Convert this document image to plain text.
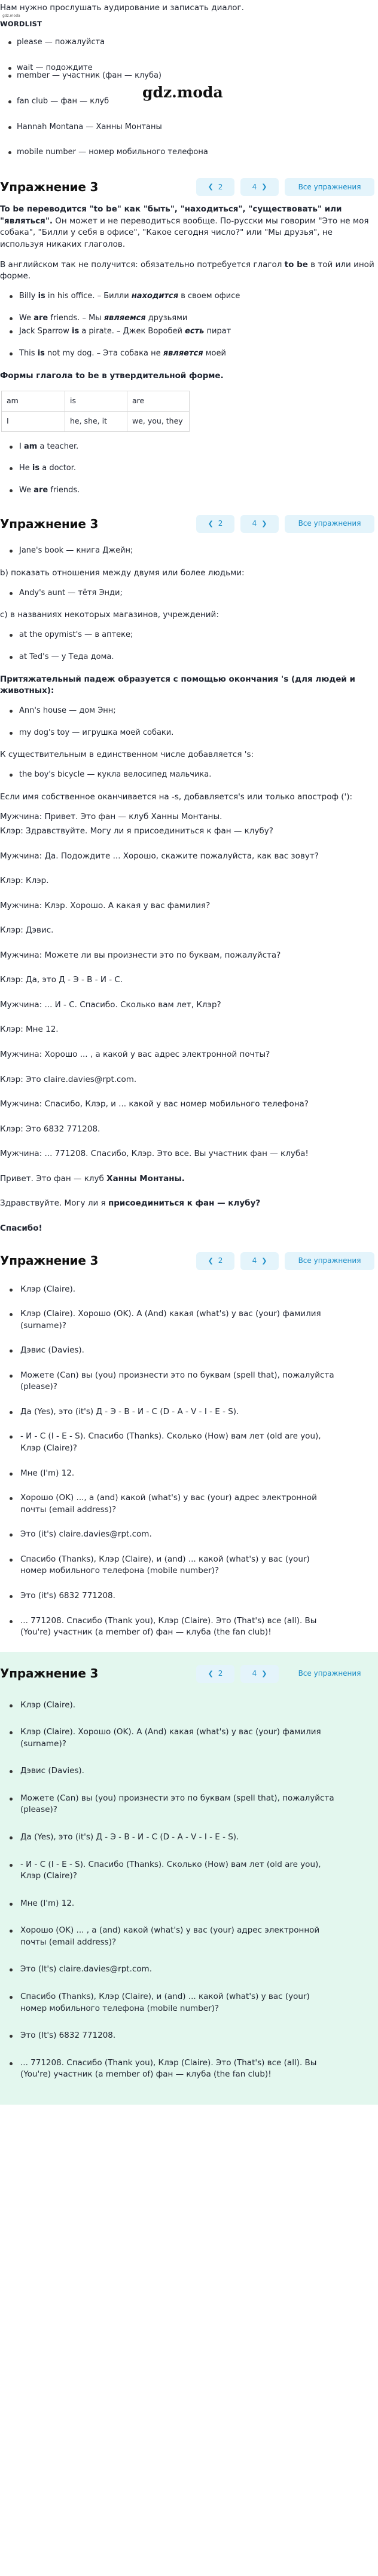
Нам нужно прослушать аудирование и записать диалог.
gdz.moda
WORDLIST
please — пожалуйста
wait — подождите
member — участник (фан — клуба)
fan club — фан — клуб
Hannah Montana — Ханны Монтаны
mobile number — номер мобильного телефона
gdz.moda
Упражнение 3	❮ 2	4 ❯	Все упражнения
To be переводится "to be" как "быть", "находиться", "существовать" или "являться". Он может и не переводиться вообще. По-русски мы говорим "Это не моя собака", "Билли у себя в офисе", "Какое сегодня число?" или "Мы друзья", не используя никаких глаголов.
В английском так не получится: обязательно потребуется глагол to be в той или иной форме.
Billy is in his office. – Билли находится в своем офисе
We are friends. – Мы являемся друзьями
Jack Sparrow is a pirate. – Джек Воробей есть пират
This is not my dog. – Эта собака не является моей
Формы глагола to be в утвердительной форме.
am	is	are
I	he, she, it	we, you, they
I am a teacher.
He is a doctor.
We are friends.
Упражнение 3	❮ 2	4 ❯	Все упражнения
Jane's book — книга Джейн;
b) показать отношения между двумя или более людьми:
Andy's aunt — тётя Энди;
c) в названиях некоторых магазинов, учреждений:
at the opymist's — в аптеке;
at Ted's — у Теда дома.
Притяжательный падеж образуется с помощью окончания 's (для людей и животных):
Ann's house — дом Энн;
my dog's toy — игрушка моей собаки.
К существительным в единственном числе добавляется 's:
the boy's bicycle — кукла велосипед мальчика.
Если имя собственное оканчивается на -s, добавляется's или только апостроф ('):

Мужчина: Привет. Это фан — клуб Ханны Монтаны.

Клэр: Здравствуйте. Могу ли я присоединиться к фан — клубу?

Мужчина: Да. Подождите ... Хорошо, скажите пожалуйста, как вас зовут?

Клэр: Клэр.

Мужчина: Клэр. Хорошо. А какая у вас фамилия?

Клэр: Дэвис.

Мужчина: Можете ли вы произнести это по буквам, пожалуйста?

Клэр: Да, это Д - Э - В - И - С.

Мужчина: ... И - С. Спасибо. Сколько вам лет, Клэр?

Клэр: Мне 12.

Мужчина: Хорошо ... , а какой у вас адрес электронной почты?

Клэр: Это claire.davies@rpt.com.

Мужчина: Спасибо, Клэр, и ... какой у вас номер мобильного телефона?

Клэр: Это 6832 771208.

Мужчина: ... 771208. Спасибо, Клэр. Это все. Вы участник фан — клуба!

Привет. Это фан — клуб Ханны Монтаны.

Здравствуйте. Могу ли я присоединиться к фан — клубу?

Спасибо!

Упражнение 3	❮ 2	4 ❯	Все упражнения
Клэр (Claire).
Клэр (Claire). Хорошо (OK). А (And) какая (what's) у вас (your) фамилия (surname)?
Дэвис (Davies).
Можете (Can) вы (you) произнести это по буквам (spell that), пожалуйста (please)?
Да (Yes), это (it's) Д - Э - В - И - С (D - A - V - I - E - S).
- И - С (I - E - S). Спасибо (Thanks). Сколько (How) вам лет (old are you), Клэр (Claire)?
Мне (I'm) 12.
Хорошо (OK) ..., а (and) какой (what's) у вас (your) адрес электронной почты (email address)?
Это (it's) claire.davies@rpt.com.
Спасибо (Thanks), Клэр (Claire), и (and) ... какой (what's) у вас (your) номер мобильного телефона (mobile number)?
Это (it's) 6832 771208.
... 771208. Спасибо (Thank you), Клэр (Claire). Это (That's) все (all). Вы (You're) участник (a member of) фан — клуба (the fan club)!
Упражнение 3	❮ 2	4 ❯	Все упражнения
Клэр (Claire).
Клэр (Claire). Хорошо (OK). А (And) какая (what's) у вас (your) фамилия (surname)?
Дэвис (Davies).
Можете (Can) вы (you) произнести это по буквам (spell that), пожалуйста (please)?
Да (Yes), это (it's) Д - Э - В - И - С (D - A - V - I - E - S).
- И - С (I - E - S). Спасибо (Thanks). Сколько (How) вам лет (old are you), Клэр (Claire)?
Мне (I'm) 12.
Хорошо (OK) ... , а (and) какой (what's) у вас (your) адрес электронной почты (email address)?
Это (It's) claire.davies@rpt.com.
Спасибо (Thanks), Клэр (Claire), и (and) ... какой (what's) у вас (your) номер мобильного телефона (mobile number)?
Это (It's) 6832 771208.
... 771208. Спасибо (Thank you), Клэр (Claire). Это (That's) все (all). Вы (You're) участник (a member of) фан — клуба (the fan club)!
